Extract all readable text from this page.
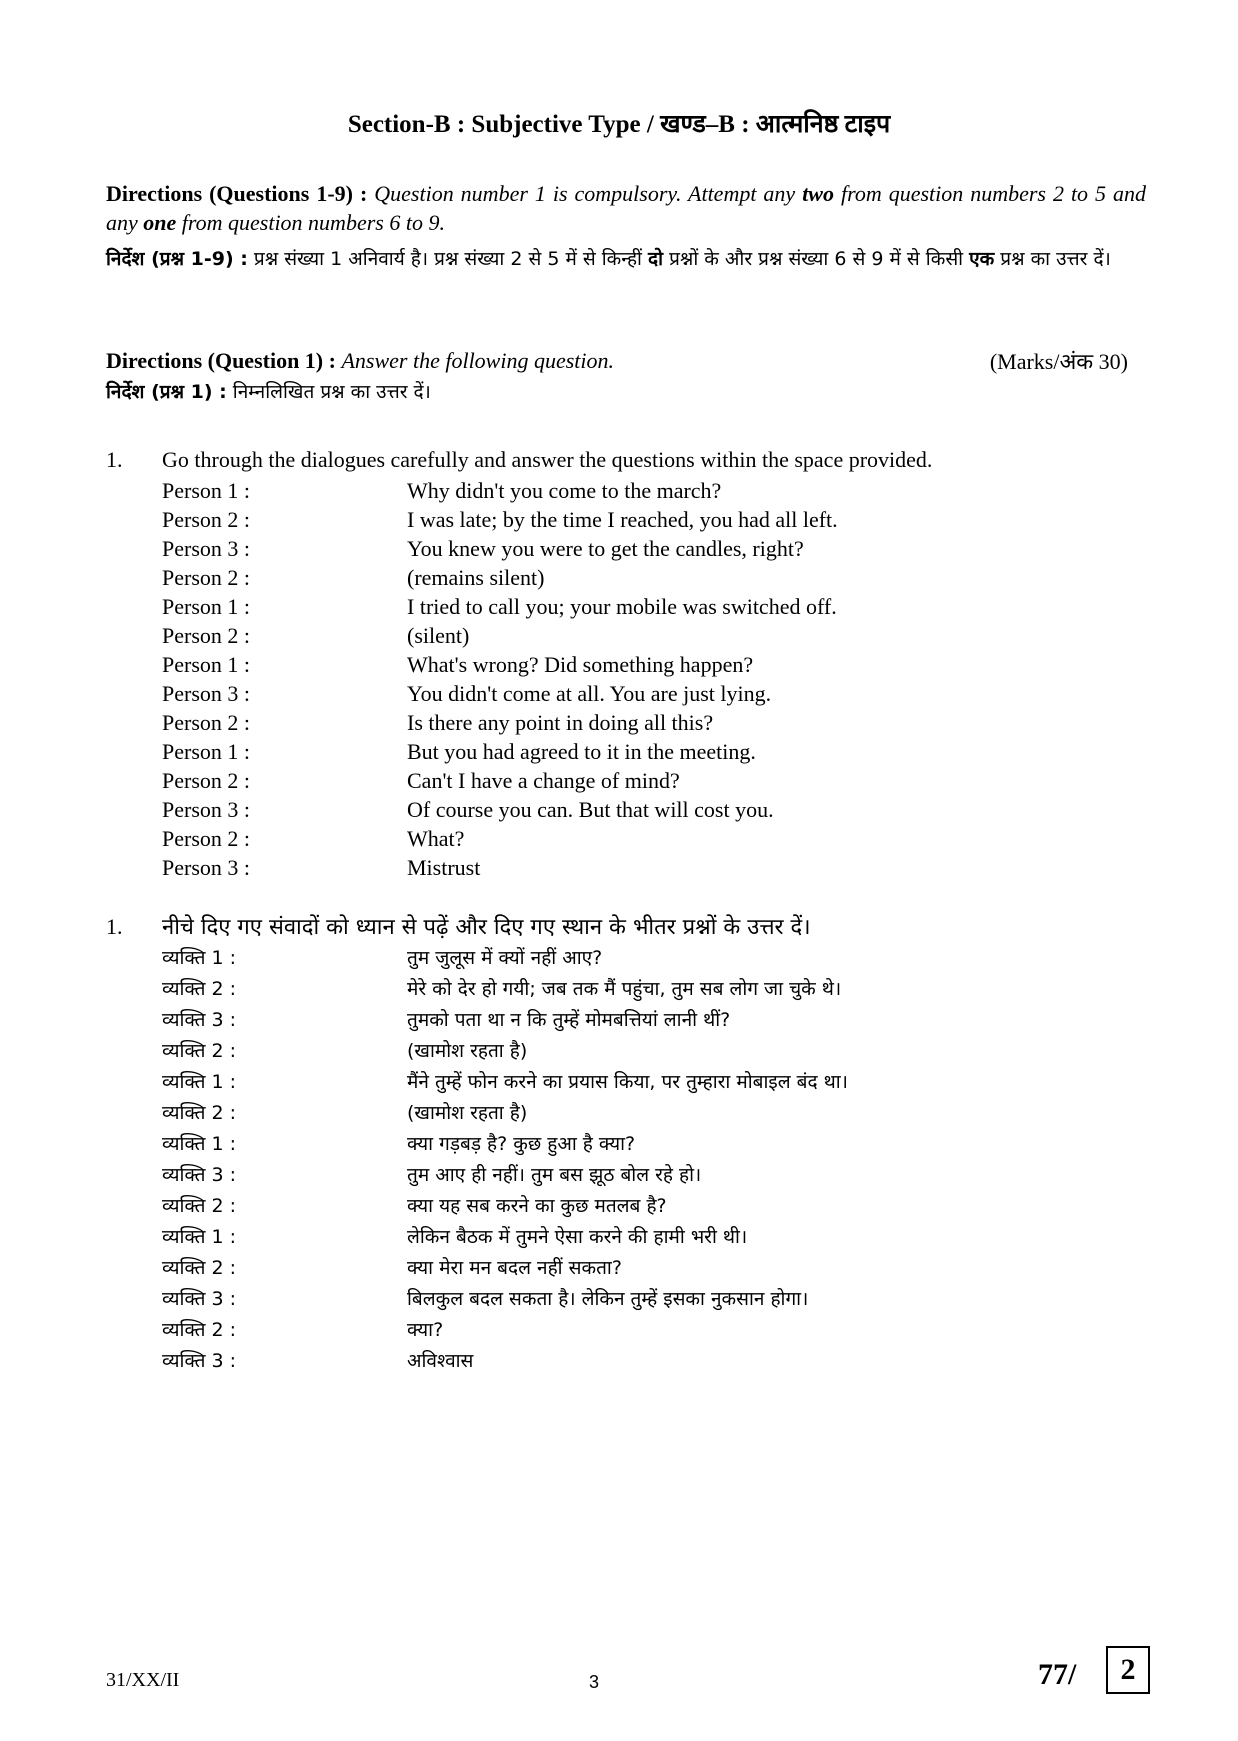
Section-B : Subjective Type / खण्ड–B : आत्मनिष्ठ टाइप
Directions (Questions 1-9) : Question number 1 is compulsory. Attempt any two from question numbers 2 to 5 and any one from question numbers 6 to 9.
निर्देश (प्रश्न 1-9) : प्रश्न संख्या 1 अनिवार्य है। प्रश्न संख्या 2 से 5 में से किन्हीं दो प्रश्नों के और प्रश्न संख्या 6 से 9 में से किसी एक प्रश्न का उत्तर दें।
Directions (Question 1) : Answer the following question.	(Marks/अंक 30)
निर्देश (प्रश्न 1) : निम्नलिखित प्रश्न का उत्तर दें।
1. Go through the dialogues carefully and answer the questions within the space provided.
Person 1 :	Why didn't you come to the march?
Person 2 :	I was late; by the time I reached, you had all left.
Person 3 :	You knew you were to get the candles, right?
Person 2 :	(remains silent)
Person 1 :	I tried to call you; your mobile was switched off.
Person 2 :	(silent)
Person 1 :	What's wrong? Did something happen?
Person 3 :	You didn't come at all. You are just lying.
Person 2 :	Is there any point in doing all this?
Person 1 :	But you had agreed to it in the meeting.
Person 2 :	Can't I have a change of mind?
Person 3 :	Of course you can. But that will cost you.
Person 2 :	What?
Person 3 :	Mistrust
1. नीचे दिए गए संवादों को ध्यान से पढ़ें और दिए गए स्थान के भीतर प्रश्नों के उत्तर दें।
व्यक्ति 1 :	तुम जुलूस में क्यों नहीं आए?
व्यक्ति 2 :	मेरे को देर हो गयी; जब तक मैं पहुंचा, तुम सब लोग जा चुके थे।
व्यक्ति 3 :	तुमको पता था न कि तुम्हें मोमबत्तियां लानी थीं?
व्यक्ति 2 :	(खामोश रहता है)
व्यक्ति 1 :	मैंने तुम्हें फोन करने का प्रयास किया, पर तुम्हारा मोबाइल बंद था।
व्यक्ति 2 :	(खामोश रहता है)
व्यक्ति 1 :	क्या गड़बड़ है? कुछ हुआ है क्या?
व्यक्ति 3 :	तुम आए ही नहीं। तुम बस झूठ बोल रहे हो।
व्यक्ति 2 :	क्या यह सब करने का कुछ मतलब है?
व्यक्ति 1 :	लेकिन बैठक में तुमने ऐसा करने की हामी भरी थी।
व्यक्ति 2 :	क्या मेरा मन बदल नहीं सकता?
व्यक्ति 3 :	बिलकुल बदल सकता है। लेकिन तुम्हें इसका नुकसान होगा।
व्यक्ति 2 :	क्या?
व्यक्ति 3 :	अविश्वास
31/XX/II	3	77/	2
